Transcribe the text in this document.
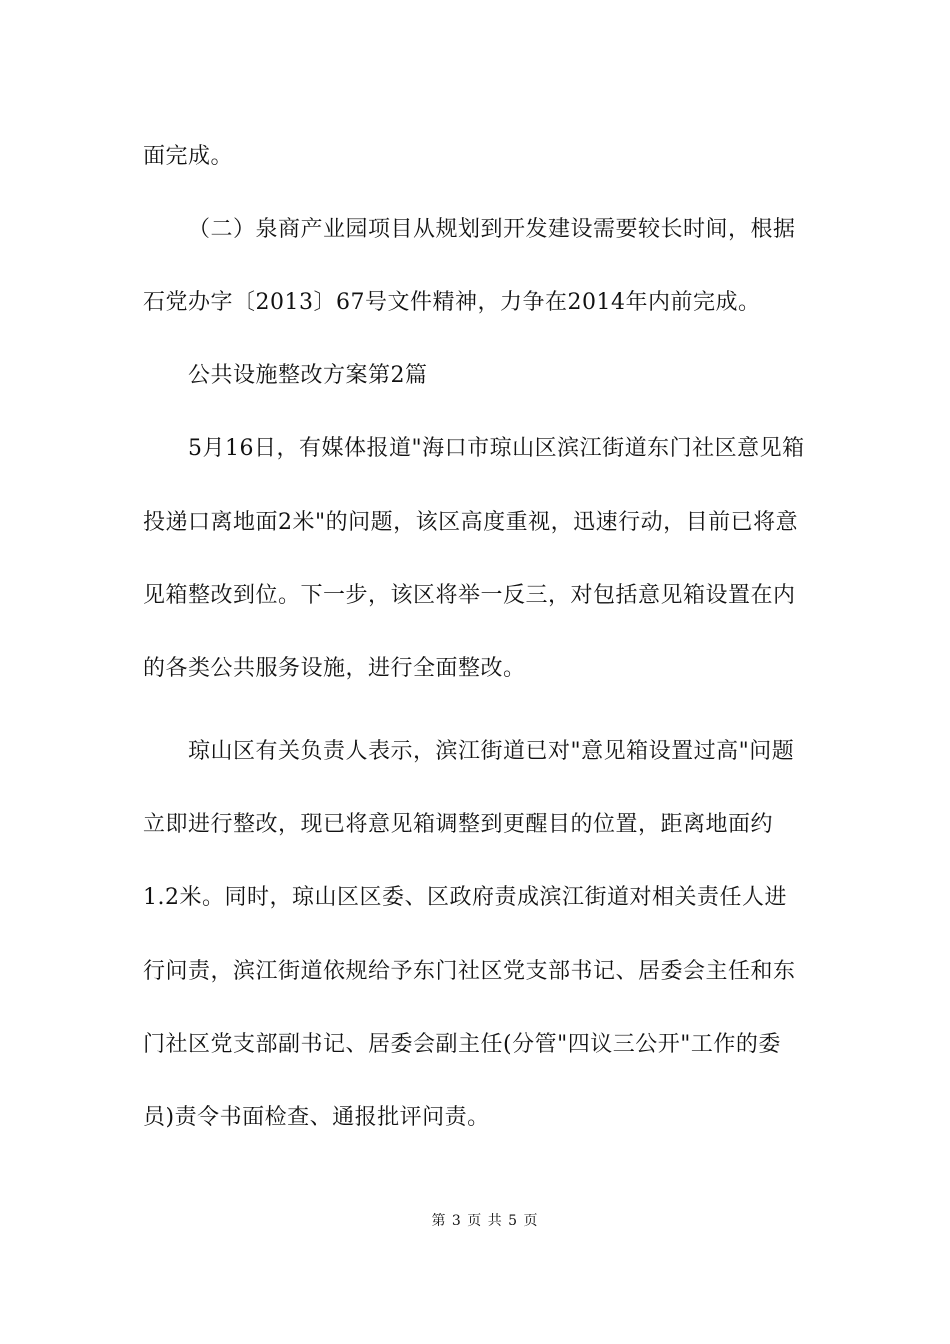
面完成。
（二）泉商产业园项目从规划到开发建设需要较长时间，根据
石党办字〔2013〕67号文件精神，力争在2014年内前完成。
公共设施整改方案第2篇
5月16日，有媒体报道"海口市琼山区滨江街道东门社区意见箱
投递口离地面2米"的问题，该区高度重视，迅速行动，目前已将意
见箱整改到位。下一步，该区将举一反三，对包括意见箱设置在内
的各类公共服务设施，进行全面整改。
琼山区有关负责人表示，滨江街道已对"意见箱设置过高"问题
立即进行整改，现已将意见箱调整到更醒目的位置，距离地面约
1.2米。同时，琼山区区委、区政府责成滨江街道对相关责任人进
行问责，滨江街道依规给予东门社区党支部书记、居委会主任和东
门社区党支部副书记、居委会副主任(分管"四议三公开"工作的委
员)责令书面检查、通报批评问责。
第 3 页 共 5 页
